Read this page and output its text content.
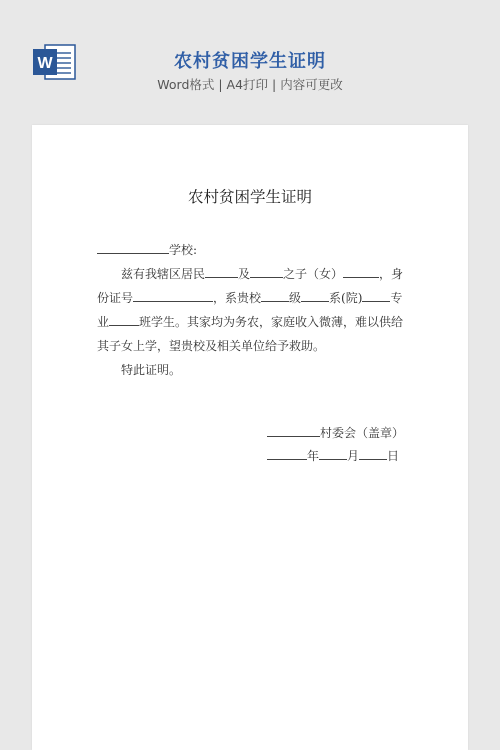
W	农村贫困学生证明
Word格式 | A4打印 | 内容可更改
农村贫困学生证明

学校:

兹有我辖区居民	及	之子（女）	，身

份证号	，系贵校 级 系(院) 专

业	班学生。其家均为务农，家庭收入微薄，难以供给

其子女上学，望贵校及相关单位给予救助。

特此证明。

村委会（盖章）
年 月 日
